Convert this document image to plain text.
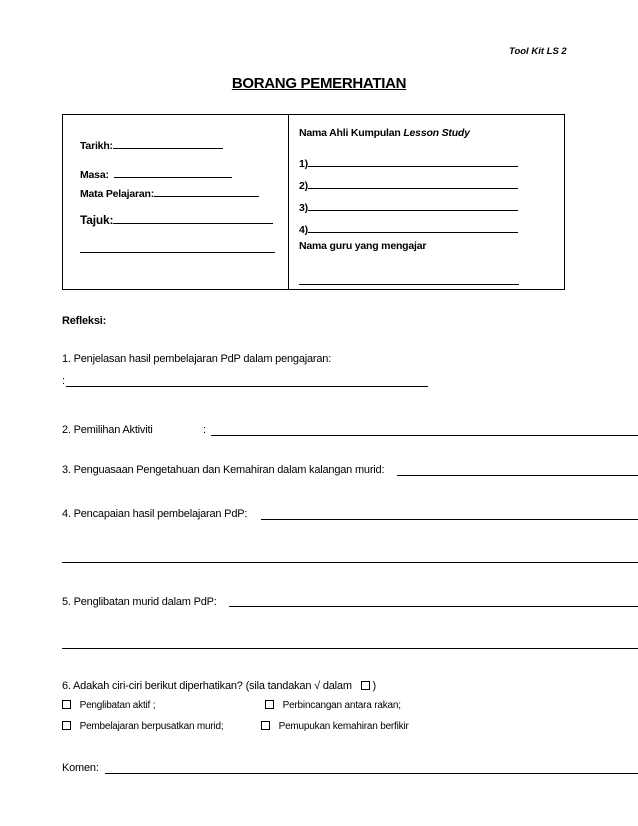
Tool Kit LS 2
BORANG PEMERHATIAN
Tarikh:
Masa:
Mata Pelajaran:
Tajuk:
Nama Ahli Kumpulan Lesson Study
1)
2)
3)
4)
Nama guru yang mengajar
Refleksi:
1. Penjelasan hasil pembelajaran PdP dalam pengajaran:
:
2. Pemilihan Aktiviti	:
3. Penguasaan Pengetahuan dan Kemahiran dalam kalangan murid:
4. Pencapaian hasil pembelajaran PdP:
5. Penglibatan murid dalam PdP:
6. Adakah ciri-ciri berikut diperhatikan? (sila tandakan √ dalam )
Penglibatan aktif ;	Perbincangan antara rakan;
Pembelajaran berpusatkan murid;	Pemupukan kemahiran berfikir
Komen:
